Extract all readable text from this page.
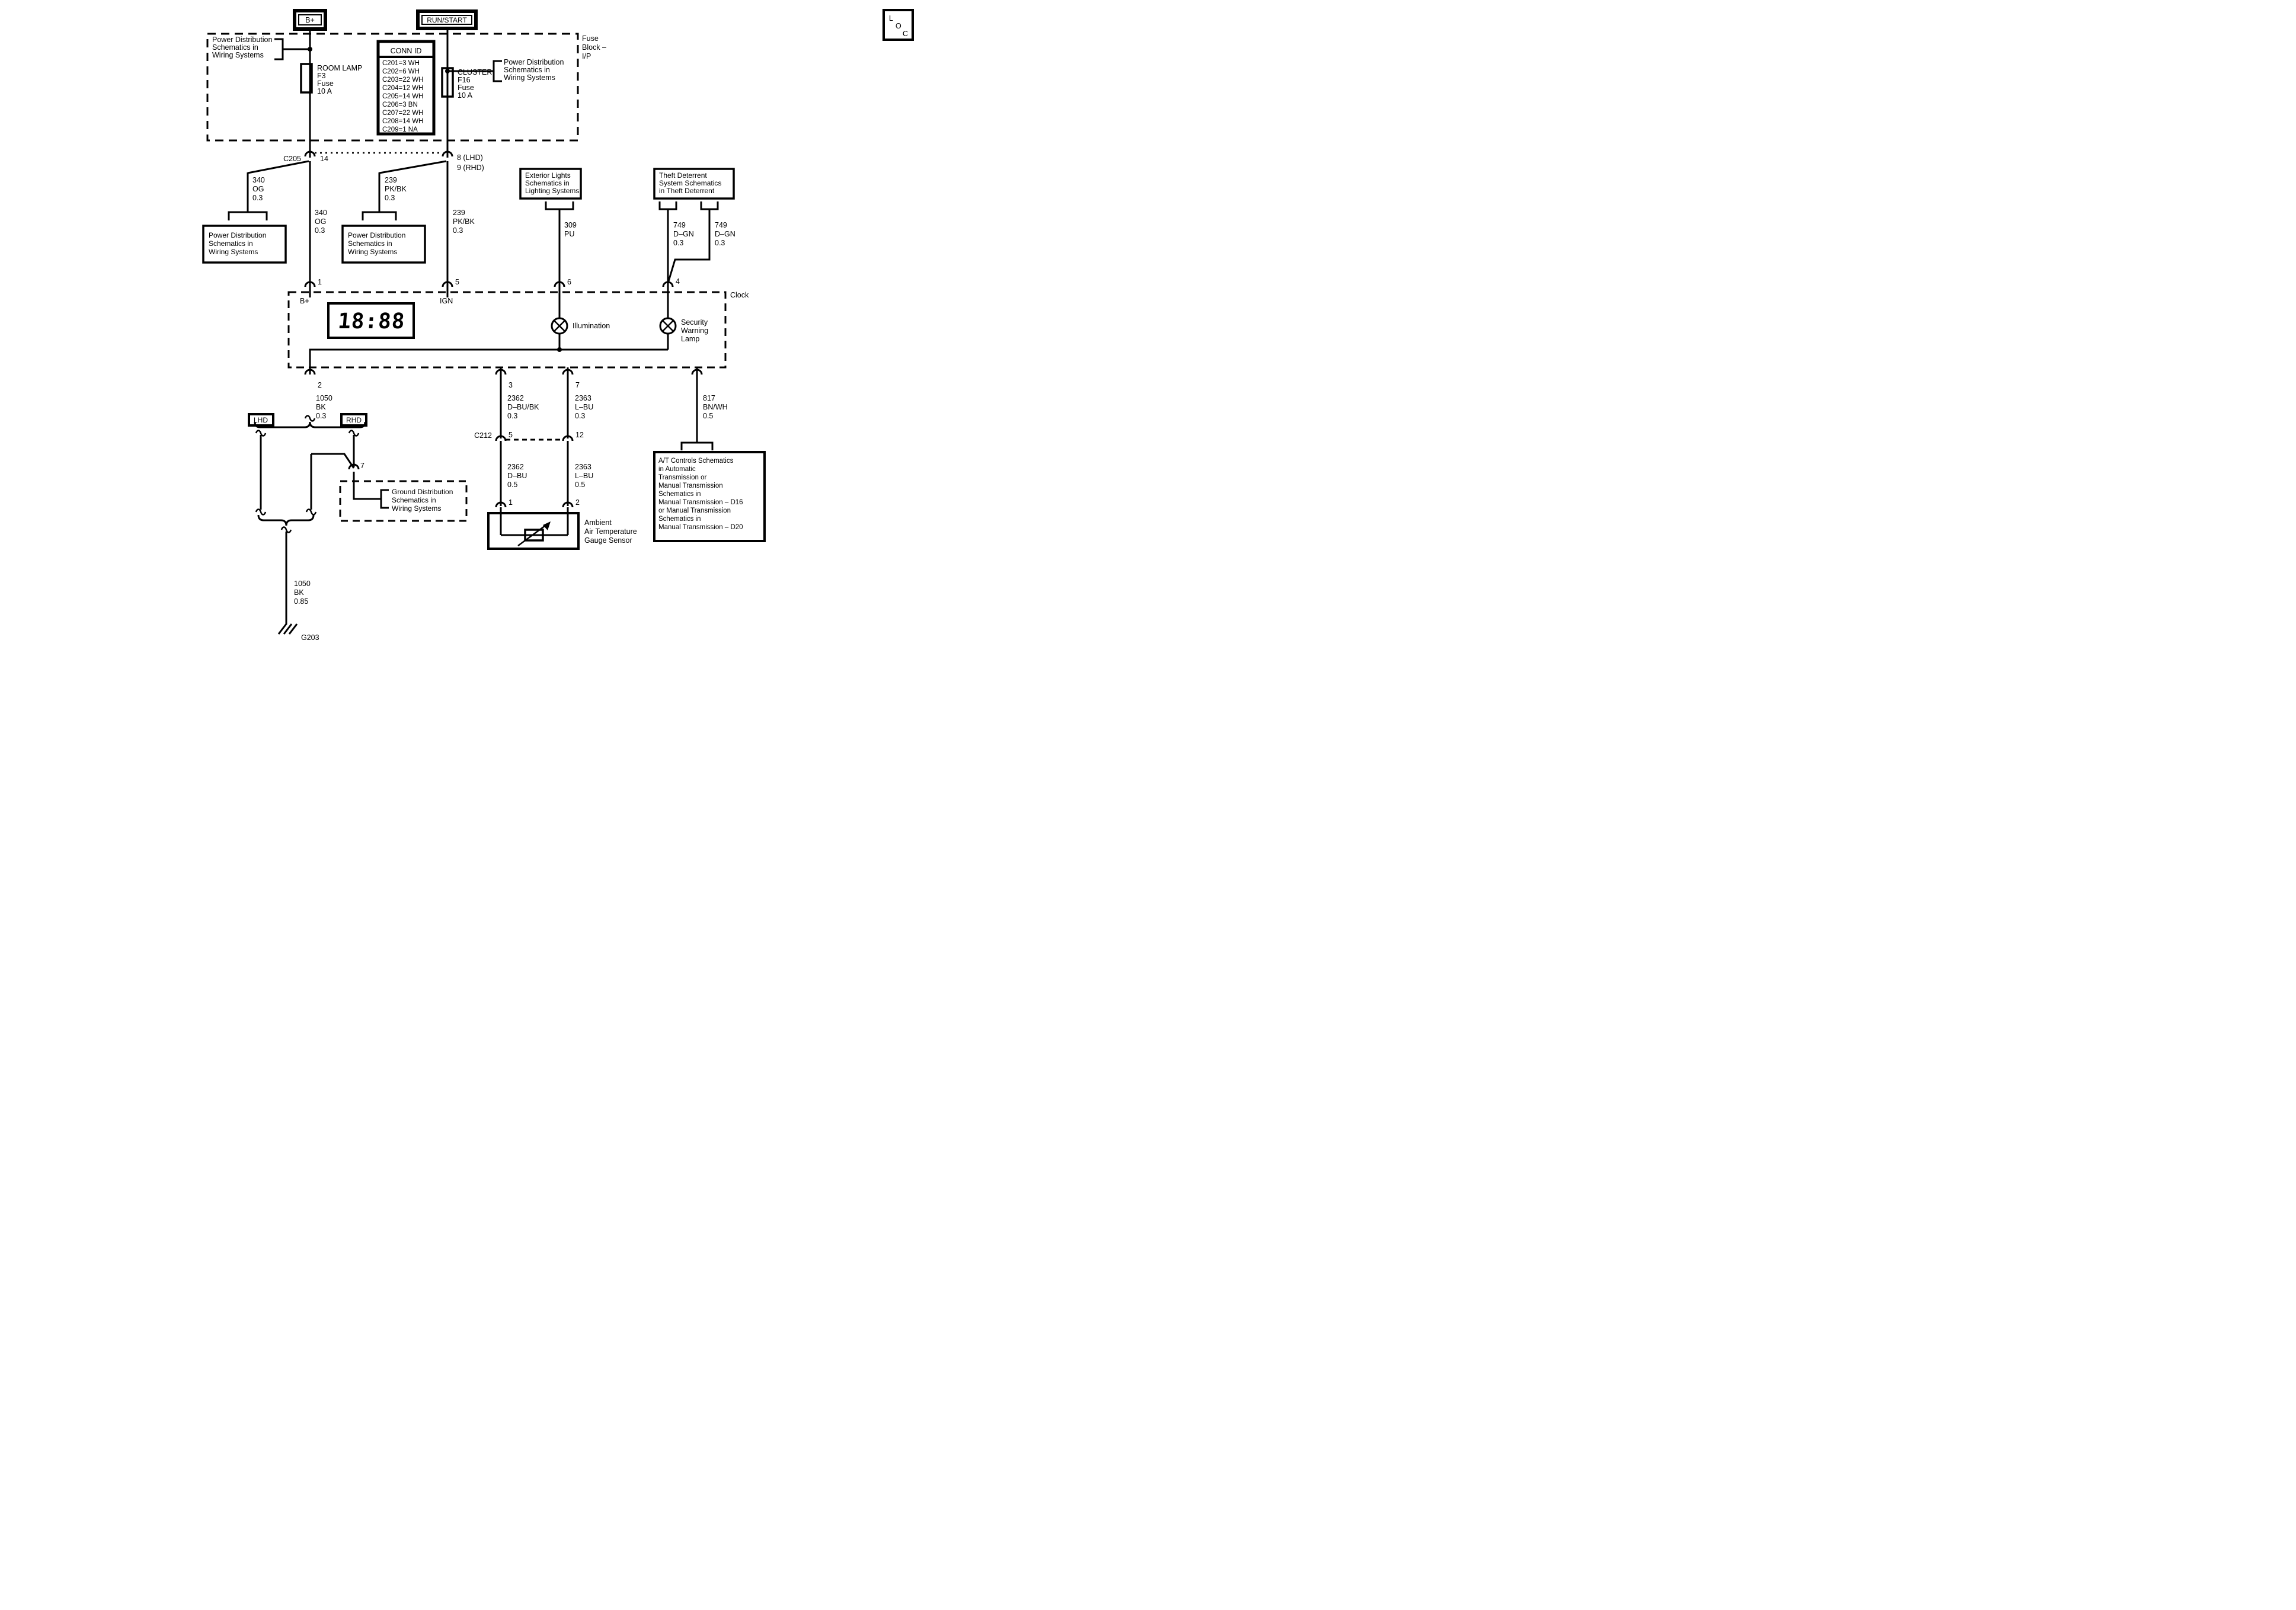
L
O
C
Fuse
Block –
I/P
B+	RUN/START
Power Distribution
Schematics in
Wiring Systems
Power Distribution
Schematics in
Wiring Systems
ROOM LAMP
F3
Fuse
10 A
CLUSTER
F16
Fuse
10 A
CONN ID
C201=3 WH
C202=6 WH
C203=22 WH
C204=12 WH
C205=14 WH
C206=3 BN
C207=22 WH
C208=14 WH
C209=1 NA
C205	14	8 (LHD)
9 (RHD)
340
OG
0.3
Power Distribution
Schematics in
Wiring Systems
340
OG
0.3
239
PK/BK
0.3
Power Distribution
Schematics in
Wiring Systems
239
PK/BK
0.3
Exterior Lights
Schematics in
Lighting Systems
309
PU
Theft Deterrent
System Schematics
in Theft Deterrent
749
D–GN
0.3
749
D–GN
0.3
Clock
1	5	6	4
B+	IGN
18:88	Illumination	Security
Warning
Lamp
2	3	7
1050
BK
0.3
2362
D–BU/BK
0.3
2363
L–BU
0.3
817
BN/WH
0.5
LHD	RHD
7
Ground Distribution
Schematics in
Wiring Systems
1050
BK
0.85
G203
C212 5	12
2362
D–BU
0.5
2363
L–BU
0.5
1	2
Ambient
Air Temperature
Gauge Sensor
A/T Controls Schematics
in Automatic
Transmission or
Manual Transmission
Schematics in
Manual Transmission – D16
or Manual Transmission
Schematics in
Manual Transmission – D20
